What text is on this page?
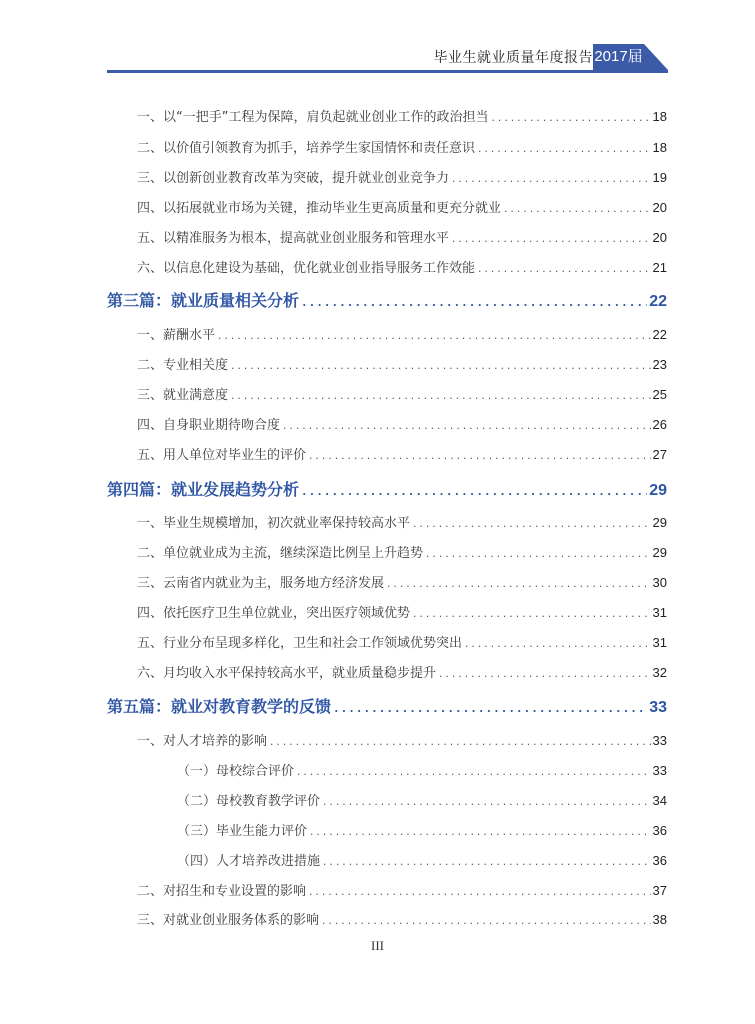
毕业生就业质量年度报告 2017届
一、以“一把手”工程为保障，肩负起就业创业工作的政治担当 .....	18
二、以价值引领教育为抓手，培养学生家国情怀和责任意识 .....	18
三、以创新创业教育改革为突破，提升就业创业竞争力 .....	19
四、以拓展就业市场为关键，推动毕业生更高质量和更充分就业 .....	20
五、以精准服务为根本，提高就业创业服务和管理水平 .....	20
六、以信息化建设为基础，优化就业创业指导服务工作效能 .....	21
第三篇：就业质量相关分析 .....	22
一、薪酬水平 .....	22
二、专业相关度 .....	23
三、就业满意度 .....	25
四、自身职业期待吻合度 .....	26
五、用人单位对毕业生的评价 .....	27
第四篇：就业发展趋势分析 .....	29
一、毕业生规模增加，初次就业率保持较高水平 .....	29
二、单位就业成为主流，继续深造比例呈上升趋势 .....	29
三、云南省内就业为主，服务地方经济发展 .....	30
四、依托医疗卫生单位就业，突出医疗领域优势 .....	31
五、行业分布呈现多样化，卫生和社会工作领域优势突出 .....	31
六、月均收入水平保持较高水平，就业质量稳步提升 .....	32
第五篇：就业对教育教学的反馈 .....	33
一、对人才培养的影响 .....	33
（一）母校综合评价 .....	33
（二）母校教育教学评价 .....	34
（三）毕业生能力评价 .....	36
（四）人才培养改进措施 .....	36
二、对招生和专业设置的影响 .....	37
三、对就业创业服务体系的影响 .....	38
III
